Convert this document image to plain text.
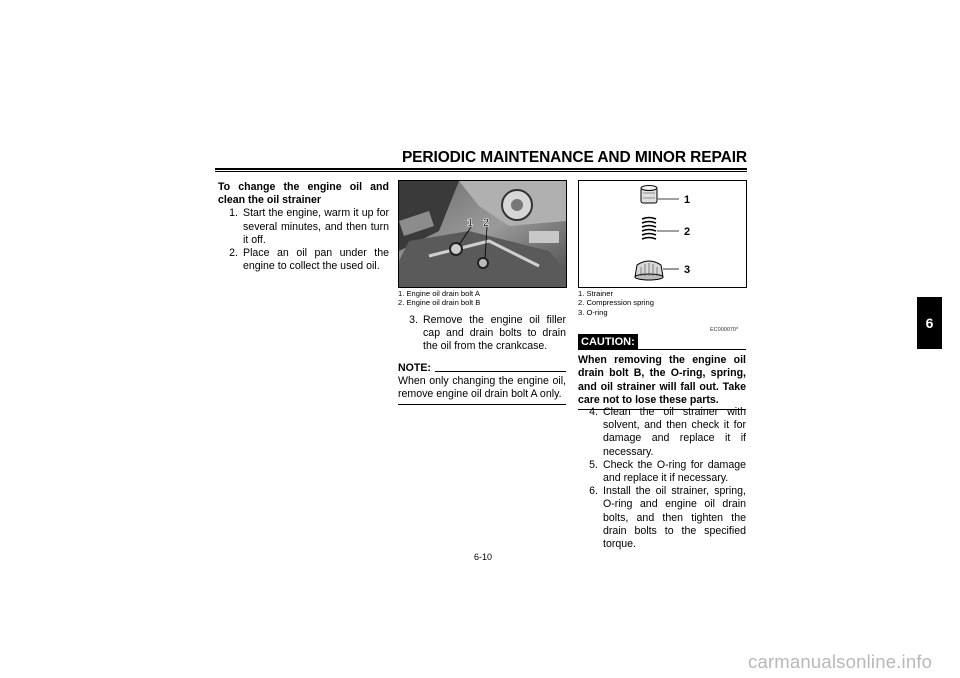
PERIODIC MAINTENANCE AND MINOR REPAIR
6
To change the engine oil and clean the oil strainer
1. Start the engine, warm it up for several minutes, and then turn it off.
2. Place an oil pan under the engine to collect the used oil.
1 2
1. Engine oil drain bolt A
2. Engine oil drain bolt B
3. Remove the engine oil filler cap and drain bolts to drain the oil from the crankcase.
NOTE:
When only changing the engine oil, remove engine oil drain bolt A only.
1
2
3
1. Strainer
2. Compression spring
3. O-ring
EC000070*
CAUTION:
When removing the engine oil drain bolt B, the O-ring, spring, and oil strainer will fall out. Take care not to lose these parts.
4. Clean the oil strainer with solvent, and then check it for damage and replace it if necessary.
5. Check the O-ring for damage and replace it if necessary.
6. Install the oil strainer, spring, O-ring and engine oil drain bolts, and then tighten the drain bolts to the specified torque.
6-10
carmanualsonline.info
